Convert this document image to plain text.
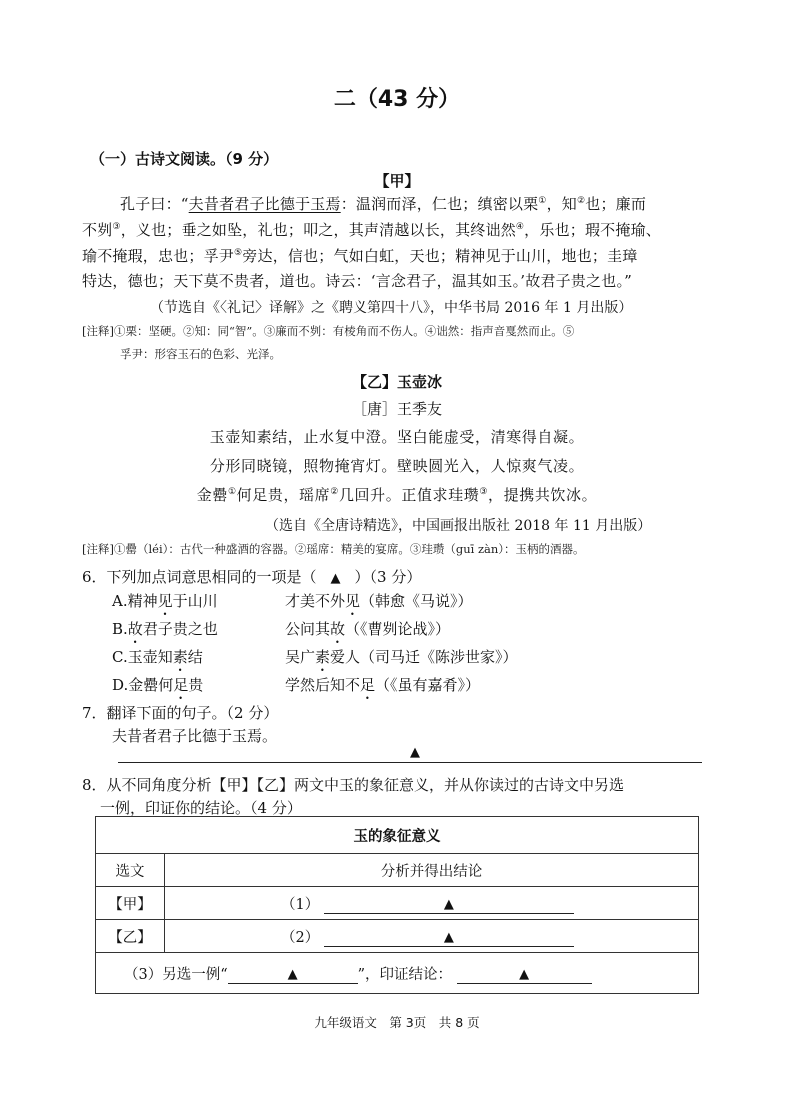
二（43 分）
（一）古诗文阅读。（9 分）
【甲】
孔子曰：“夫昔者君子比德于玉焉：温润而泽，仁也；缜密以栗①，知②也；廉而
不刿③，义也；垂之如坠，礼也；叩之，其声清越以长，其终诎然④，乐也；瑕不掩瑜、
瑜不掩瑕，忠也；孚尹⑤旁达，信也；气如白虹，天也；精神见于山川，地也；圭璋
特达，德也；天下莫不贵者，道也。诗云：‘言念君子，温其如玉。’故君子贵之也。”
（节选自《〈礼记〉译解》之《聘义第四十八》，中华书局 2016 年 1 月出版）
[注释]①栗：坚硬。②知：同“智”。③廉而不刿：有棱角而不伤人。④诎然：指声音戛然而止。⑤
孚尹：形容玉石的色彩、光泽。
【乙】玉壶冰
［唐］王季友
玉壶知素结，止水复中澄。坚白能虚受，清寒得自凝。
分形同晓镜，照物掩宵灯。壁映圆光入，人惊爽气凌。
金罍①何足贵，瑶席②几回升。正值求珪瓒③，提携共饮冰。
（选自《全唐诗精选》，中国画报出版社 2018 年 11 月出版）
[注释]①罍（léi）：古代一种盛酒的容器。②瑶席：精美的宴席。③珪瓒（guī zàn）：玉柄的酒器。
6．下列加点词意思相同的一项是（ ▲ ）（3 分）
A.精神见于山川	才美不外见（韩愈《马说》）
B.故君子贵之也	公问其故（《曹刿论战》）
C.玉壶知素结	吴广素爱人（司马迁《陈涉世家》）
D.金罍何足贵	学然后知不足（《虽有嘉肴》）
7．翻译下面的句子。（2 分）
夫昔者君子比德于玉焉。
▲
8．从不同角度分析【甲】【乙】两文中玉的象征意义，并从你读过的古诗文中另选
一例，印证你的结论。（4 分）
玉的象征意义	
选文	分析并得出结论
【甲】	（1） ▲
【乙】	（2） ▲
（3）另选一例“ ▲ ”，印证结论： ▲	
九年级语文　第 3页　共 8 页
